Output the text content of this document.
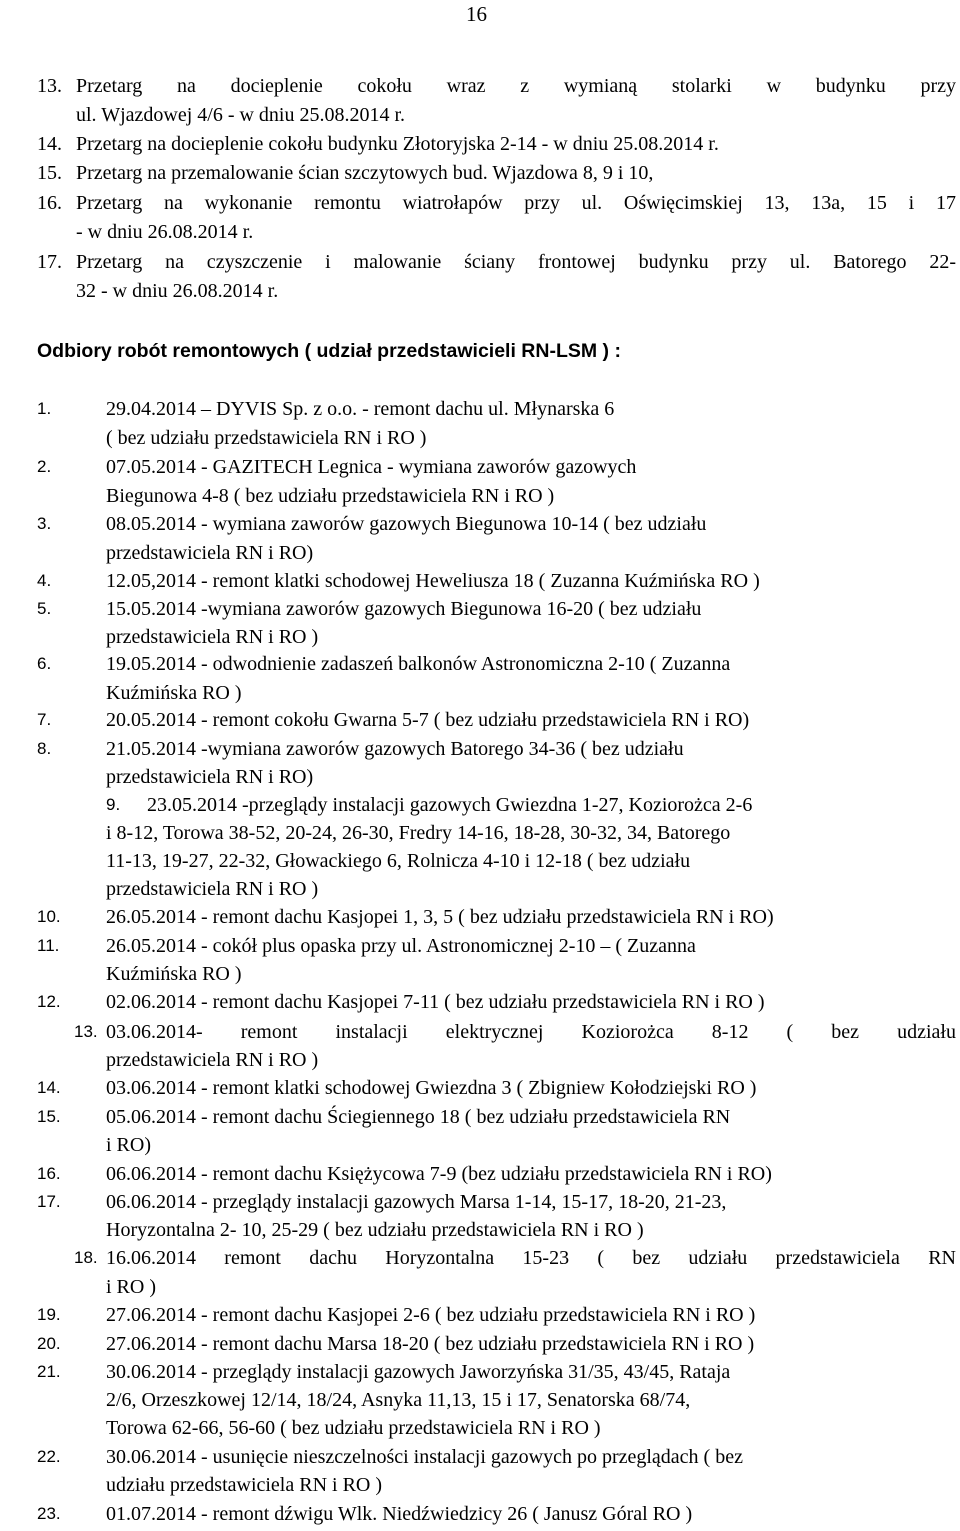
16
13. Przetarg na docieplenie cokołu wraz z wymianą stolarki w budynku przy
ul. Wjazdowej 4/6 - w dniu 25.08.2014 r.
14. Przetarg na docieplenie cokołu budynku Złotoryjska 2-14 - w dniu 25.08.2014 r.
15. Przetarg na przemalowanie ścian szczytowych bud. Wjazdowa 8, 9 i 10,
16. Przetarg na wykonanie remontu wiatrołapów przy ul. Oświęcimskiej 13, 13a, 15 i 17
- w dniu 26.08.2014 r.
17. Przetarg na czyszczenie i malowanie ściany frontowej budynku przy ul. Batorego 22-
32 - w dniu 26.08.2014 r.
Odbiory robót remontowych ( udział przedstawicieli RN-LSM ) :
1.	29.04.2014 – DYVIS Sp. z o.o. - remont dachu ul. Młynarska 6
( bez udziału przedstawiciela RN i RO )
2.	07.05.2014 - GAZITECH Legnica - wymiana zaworów gazowych
Biegunowa 4-8 ( bez udziału przedstawiciela RN i RO )
3.	08.05.2014 - wymiana zaworów gazowych Biegunowa 10-14 ( bez udziału
przedstawiciela RN i RO)
4.	12.05,2014 - remont klatki schodowej Heweliusza 18 ( Zuzanna Kuźmińska RO )
5.	15.05.2014 -wymiana zaworów gazowych Biegunowa 16-20 ( bez udziału
przedstawiciela RN i RO )
6.	19.05.2014 - odwodnienie zadaszeń balkonów Astronomiczna 2-10 ( Zuzanna
Kuźmińska RO )
7.	20.05.2014 - remont cokołu Gwarna 5-7 ( bez udziału przedstawiciela RN i RO)
8.	21.05.2014 -wymiana zaworów gazowych Batorego 34-36 ( bez udziału
przedstawiciela RN i RO)
9. 23.05.2014 -przeglądy instalacji gazowych Gwiezdna 1-27, Koziorożca 2-6
i 8-12, Torowa 38-52, 20-24, 26-30, Fredry 14-16, 18-28, 30-32, 34, Batorego
11-13, 19-27, 22-32, Głowackiego 6, Rolnicza 4-10 i 12-18 ( bez udziału
przedstawiciela RN i RO )
10. 26.05.2014 - remont dachu Kasjopei 1, 3, 5 ( bez udziału przedstawiciela RN i RO)
11. 26.05.2014 - cokół plus opaska przy ul. Astronomicznej 2-10 – ( Zuzanna
Kuźmińska RO )
12. 02.06.2014 - remont dachu Kasjopei 7-11 ( bez udziału przedstawiciela RN i RO )
13. 03.06.2014- remont instalacji elektrycznej Koziorożca 8-12 ( bez udziału
przedstawiciela RN i RO )
14. 03.06.2014 - remont klatki schodowej Gwiezdna 3 ( Zbigniew Kołodziejski RO )
15. 05.06.2014 - remont dachu Ściegiennego 18 ( bez udziału przedstawiciela RN
i RO)
16. 06.06.2014 - remont dachu Księżycowa 7-9 (bez udziału przedstawiciela RN i RO)
17. 06.06.2014 - przeglądy instalacji gazowych Marsa 1-14, 15-17, 18-20, 21-23,
Horyzontalna 2- 10, 25-29 ( bez udziału przedstawiciela RN i RO )
18. 16.06.2014 remont dachu Horyzontalna 15-23 ( bez udziału przedstawiciela RN
i RO )
19. 27.06.2014 - remont dachu Kasjopei 2-6 ( bez udziału przedstawiciela RN i RO )
20. 27.06.2014 - remont dachu Marsa 18-20 ( bez udziału przedstawiciela RN i RO )
21. 30.06.2014 - przeglądy instalacji gazowych Jaworzyńska 31/35, 43/45, Rataja
2/6, Orzeszkowej 12/14, 18/24, Asnyka 11,13, 15 i 17, Senatorska 68/74,
Torowa 62-66, 56-60 ( bez udziału przedstawiciela RN i RO )
22. 30.06.2014 - usunięcie nieszczelności instalacji gazowych po przeglądach ( bez
udziału przedstawiciela RN i RO )
23. 01.07.2014 - remont dźwigu Wlk. Niedźwiedzicy 26 ( Janusz Góral RO )
